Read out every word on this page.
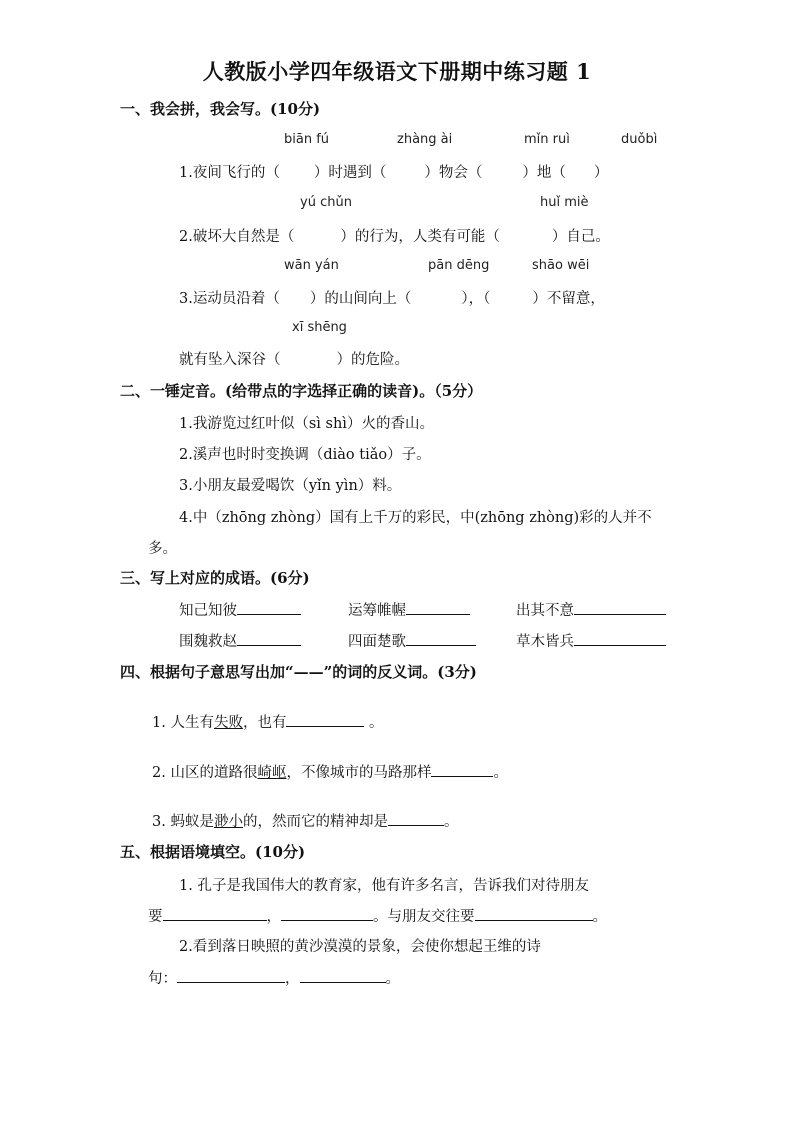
人教版小学四年级语文下册期中练习题 1
一、我会拼，我会写。(10分)
biān fú	zhàng ài	mǐn ruì	duǒbì
1.夜间飞行的（ ）时遇到（	）物会（	）地（ ）
yú chǔn	huǐ miè
2.破坏大自然是（	）的行为，人类有可能（	）自己。
wān yán	pān dēng	shāo wēi
3.运动员沿着（ ）的山间向上（	），（	）不留意，
xī shēng
就有坠入深谷（	）的危险。
二、一锤定音。(给带点的字选择正确的读音)。（5分）
1.我游览过红叶似（sì shì）火的香山。
2.溪声也时时变换调（diào tiǎo）子。
3.小朋友最爱喝饮（yǐn yìn）料。
4.中（zhōng zhòng）国有上千万的彩民，中(zhōng zhòng)彩的人并不
多。
三、写上对应的成语。(6分)
知己知彼	运筹帷幄	出其不意
围魏救赵	四面楚歌	草木皆兵
四、根据句子意思写出加“——”的词的反义词。(3分)
1. 人生有失败，也有	。
2. 山区的道路很崎岖，不像城市的马路那样	。
3. 蚂蚁是渺小的，然而它的精神却是	。
五、根据语境填空。(10分)
1. 孔子是我国伟大的教育家，他有许多名言，告诉我们对待朋友
要	，	。与朋友交往要	。
2.看到落日映照的黄沙漠漠的景象，会使你想起王维的诗
句：	，	。
